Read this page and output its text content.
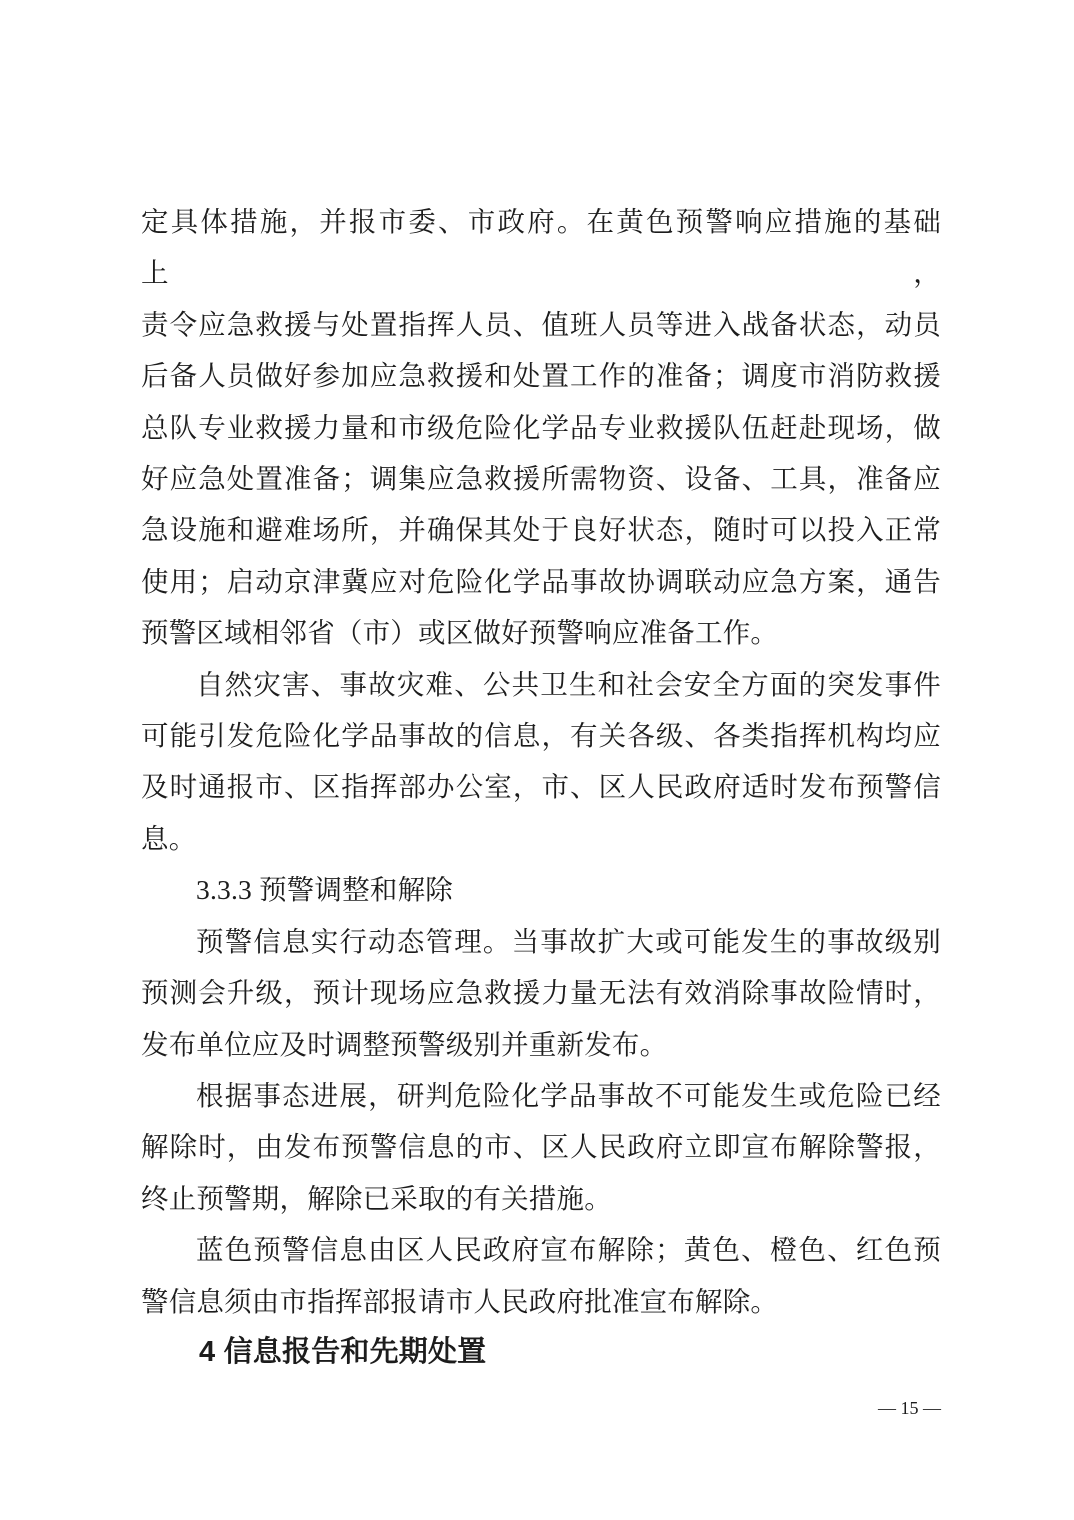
定具体措施，并报市委、市政府。在黄色预警响应措施的基础上，
责令应急救援与处置指挥人员、值班人员等进入战备状态，动员
后备人员做好参加应急救援和处置工作的准备；调度市消防救援
总队专业救援力量和市级危险化学品专业救援队伍赶赴现场，做
好应急处置准备；调集应急救援所需物资、设备、工具，准备应
急设施和避难场所，并确保其处于良好状态，随时可以投入正常
使用；启动京津冀应对危险化学品事故协调联动应急方案，通告
预警区域相邻省（市）或区做好预警响应准备工作。
自然灾害、事故灾难、公共卫生和社会安全方面的突发事件
可能引发危险化学品事故的信息，有关各级、各类指挥机构均应
及时通报市、区指挥部办公室，市、区人民政府适时发布预警信
息。
3.3.3 预警调整和解除
预警信息实行动态管理。当事故扩大或可能发生的事故级别
预测会升级，预计现场应急救援力量无法有效消除事故险情时，
发布单位应及时调整预警级别并重新发布。
根据事态进展，研判危险化学品事故不可能发生或危险已经
解除时，由发布预警信息的市、区人民政府立即宣布解除警报，
终止预警期，解除已采取的有关措施。
蓝色预警信息由区人民政府宣布解除；黄色、橙色、红色预
警信息须由市指挥部报请市人民政府批准宣布解除。
4 信息报告和先期处置
— 15 —
